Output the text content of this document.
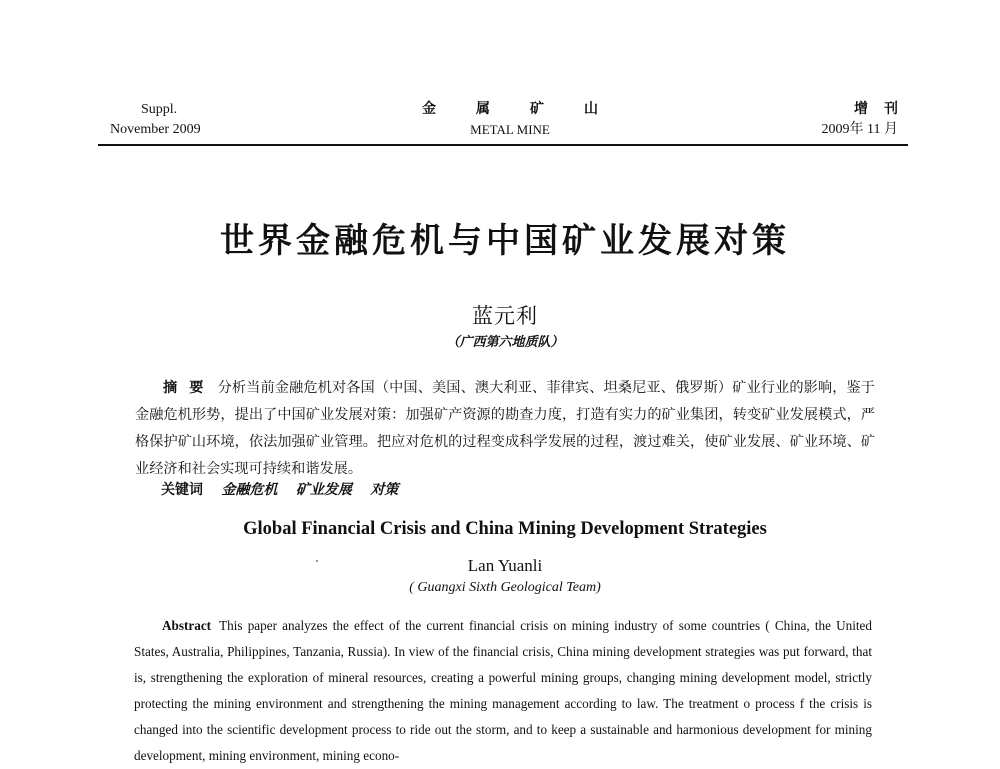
Suppl.
November 2009
金属矿山
METAL MINE
增刊
2009年 11 月
世界金融危机与中国矿业发展对策
蓝元利
（广西第六地质队）
摘要 分析当前金融危机对各国（中国、美国、澳大利亚、菲律宾、坦桑尼亚、俄罗斯）矿业行业的影响，鉴于金融危机形势，提出了中国矿业发展对策：加强矿产资源的勘查力度，打造有实力的矿业集团，转变矿业发展模式，严格保护矿山环境，依法加强矿业管理。把应对危机的过程变成科学发展的过程，渡过难关，使矿业发展、矿业环境、矿业经济和社会实现可持续和谐发展。
关键词 金融危机 矿业发展 对策
Global Financial Crisis and China Mining Development Strategies
Lan Yuanli
( Guangxi Sixth Geological Team)
Abstract This paper analyzes the effect of the current financial crisis on mining industry of some countries ( China, the United States, Australia, Philippines, Tanzania, Russia). In view of the financial crisis, China mining development strategies was put forward, that is, strengthening the exploration of mineral resources, creating a powerful mining groups, changing mining development model, strictly protecting the mining environment and strengthening the mining management according to law. The treatment o process f the crisis is changed into the scientific development process to ride out the storm, and to keep a sustainable and harmonious development for mining development, mining environment, mining econo-
